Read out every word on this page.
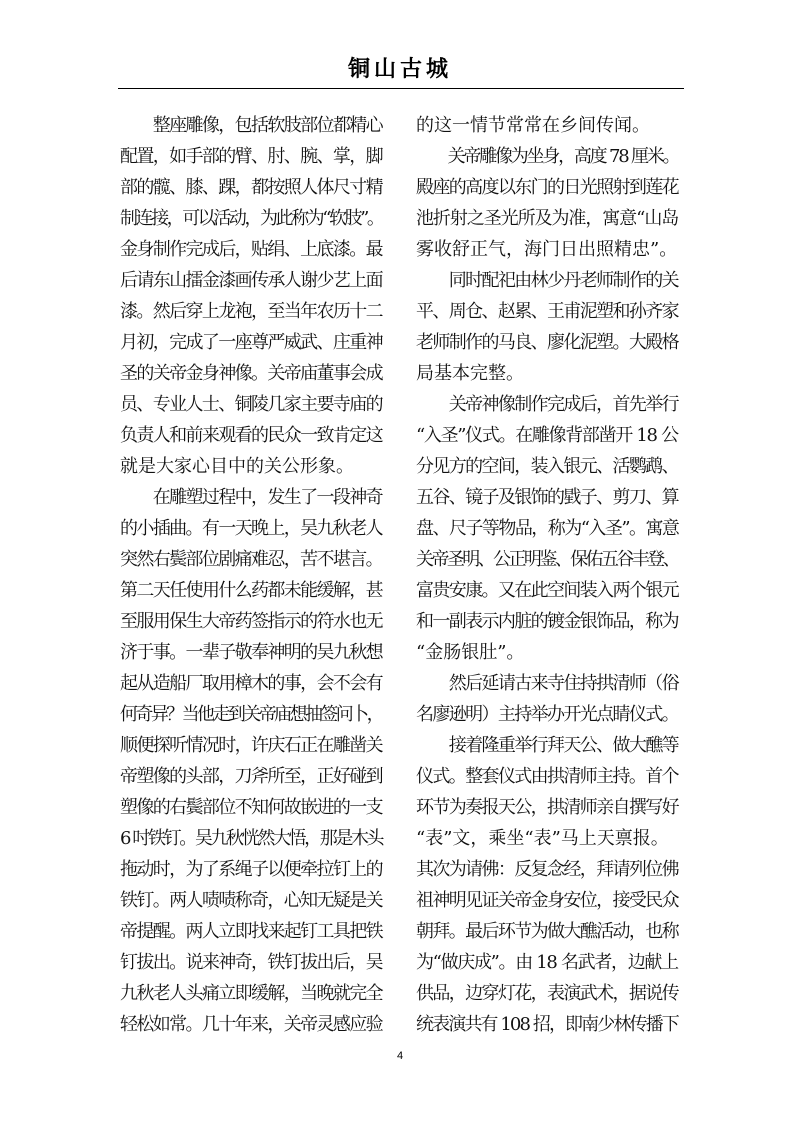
铜山古城
　　整座雕像，包括软肢部位都精心
配置，如手部的臂、肘、腕、掌，脚
部的髋、膝、踝，都按照人体尺寸精
制连接，可以活动，为此称为“软肢”。
金身制作完成后，贴绢、上底漆。最
后请东山擂金漆画传承人谢少艺上面
漆。然后穿上龙袍，至当年农历十二
月初，完成了一座尊严威武、庄重神
圣的关帝金身神像。关帝庙董事会成
员、专业人士、铜陵几家主要寺庙的
负责人和前来观看的民众一致肯定这
就是大家心目中的关公形象。
　　在雕塑过程中，发生了一段神奇
的小插曲。有一天晚上，吴九秋老人
突然右鬓部位剧痛难忍，苦不堪言。
第二天任使用什么药都未能缓解，甚
至服用保生大帝药签指示的符水也无
济于事。一辈子敬奉神明的吴九秋想
起从造船厂取用樟木的事，会不会有
何奇异？当他走到关帝庙想抽签问卜，
顺便探听情况时，许庆石正在雕凿关
帝塑像的头部，刀斧所至，正好碰到
塑像的右鬓部位不知何故嵌进的一支
6 吋铁钉。吴九秋恍然大悟，那是木头
拖动时，为了系绳子以便牵拉钉上的
铁钉。两人啧啧称奇，心知无疑是关
帝提醒。两人立即找来起钉工具把铁
钉拔出。说来神奇，铁钉拔出后，吴
九秋老人头痛立即缓解，当晚就完全
轻松如常。几十年来，关帝灵感应验
的这一情节常常在乡间传闻。
　　关帝雕像为坐身，高度 78 厘米。
殿座的高度以东门的日光照射到莲花
池折射之圣光所及为准，寓意“山岛
雾收舒正气，海门日出照精忠”。
　　同时配祀由林少丹老师制作的关
平、周仓、赵累、王甫泥塑和孙齐家
老师制作的马良、廖化泥塑。大殿格
局基本完整。
　　关帝神像制作完成后，首先举行
“入圣”仪式。在雕像背部凿开 18 公
分见方的空间，装入银元、活鹦鹉、
五谷、镜子及银饰的戥子、剪刀、算
盘、尺子等物品，称为“入圣”。寓意
关帝圣明、公正明鉴、保佑五谷丰登、
富贵安康。又在此空间装入两个银元
和一副表示内脏的镀金银饰品，称为
“金肠银肚”。
　　然后延请古来寺住持拱清师（俗
名廖逊明）主持举办开光点睛仪式。
　　接着隆重举行拜天公、做大醮等
仪式。整套仪式由拱清师主持。首个
环节为奏报天公，拱清师亲自撰写好
“表”文，乘坐“表”马上天禀报。
其次为请佛：反复念经，拜请列位佛
祖神明见证关帝金身安位，接受民众
朝拜。最后环节为做大醮活动，也称
为“做庆成”。由 18 名武者，边献上
供品，边穿灯花，表演武术，据说传
统表演共有 108 招，即南少林传播下
4
